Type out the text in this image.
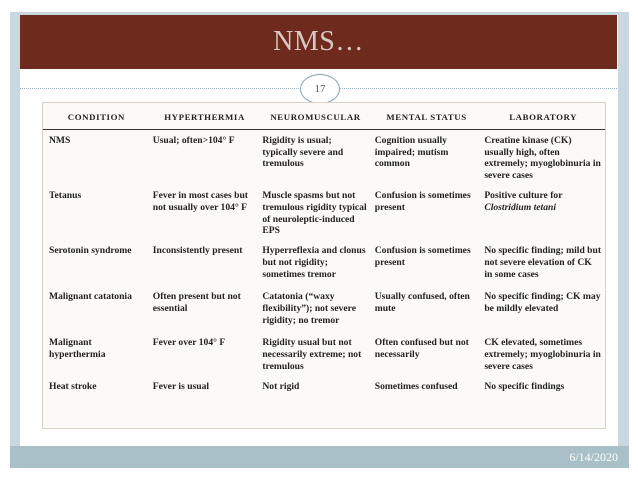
NMS…
17
CONDITION	HYPERTHERMIA	NEUROMUSCULAR	MENTAL STATUS	LABORATORY
NMS	Usual; often>104° F	Rigidity is usual; typically severe and tremulous	Cognition usually impaired; mutism common	Creatine kinase (CK) usually high, often extremely; myoglobinuria in severe cases
Tetanus	Fever in most cases but not usually over 104° F	Muscle spasms but not tremulous rigidity typical of neuroleptic-induced EPS	Confusion is sometimes present	Positive culture for Clostridium tetani
Serotonin syndrome	Inconsistently present	Hyperreflexia and clonus but not rigidity; sometimes tremor	Confusion is sometimes present	No specific finding; mild but not severe elevation of CK in some cases
Malignant catatonia	Often present but not essential	Catatonia (“waxy flexibility”); not severe rigidity; no tremor	Usually confused, often mute	No specific finding; CK may be mildly elevated
Malignant hyperthermia	Fever over 104° F	Rigidity usual but not necessarily extreme; not tremulous	Often confused but not necessarily	CK elevated, sometimes extremely; myoglobinuria in severe cases
Heat stroke	Fever is usual	Not rigid	Sometimes confused	No specific findings
6/14/2020
